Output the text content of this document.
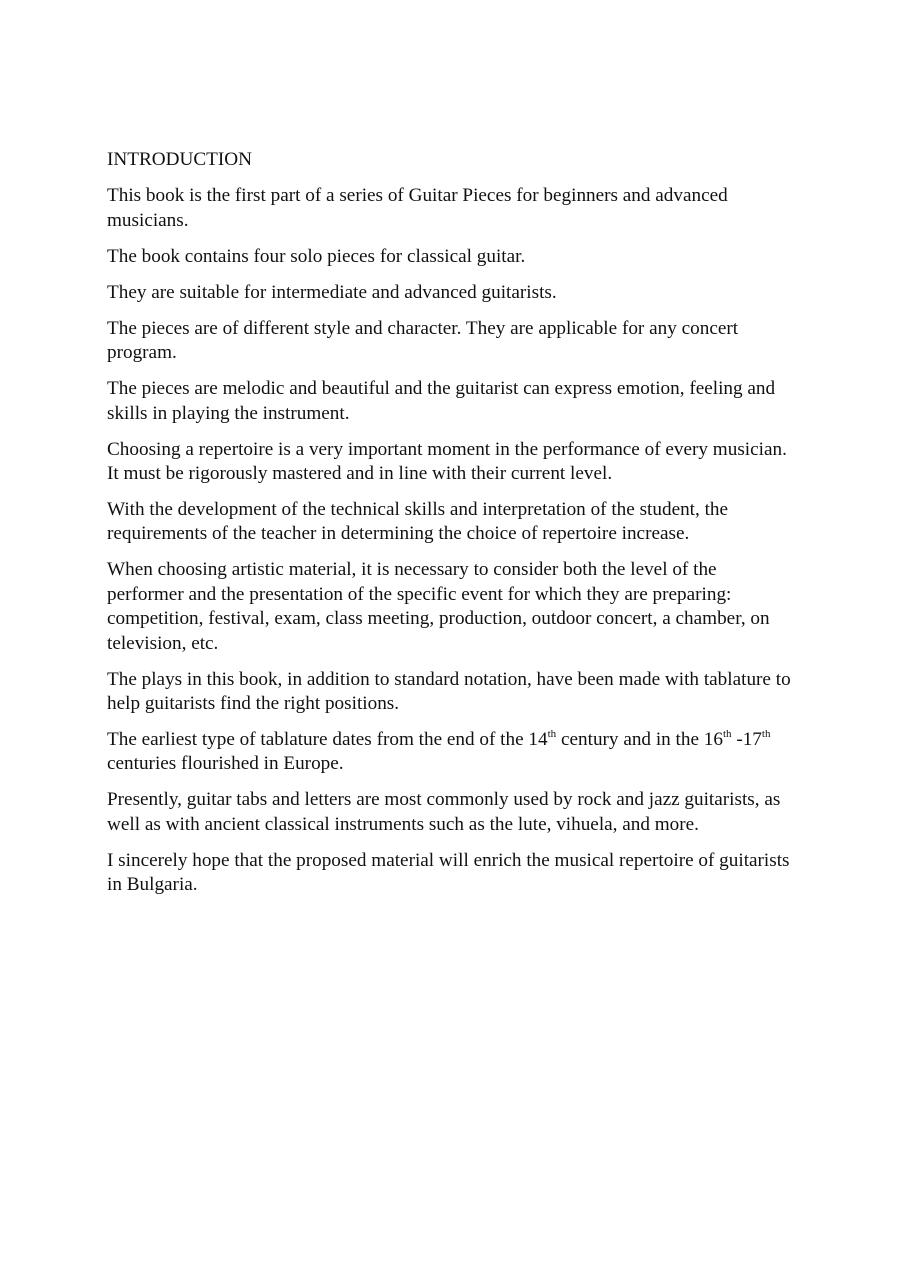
INTRODUCTION

This book is the first part of a series of Guitar Pieces for beginners and advanced musicians.

The book contains four solo pieces for classical guitar.

They are suitable for intermediate and advanced guitarists.

The pieces are of different style and character. They are applicable for any concert program.

The pieces are melodic and beautiful and the guitarist can express emotion, feeling and skills in playing the instrument.

Choosing a repertoire is a very important moment in the performance of every musician. It must be rigorously mastered and in line with their current level.

With the development of the technical skills and interpretation of the student, the requirements of the teacher in determining the choice of repertoire increase.

When choosing artistic material, it is necessary to consider both the level of the performer and the presentation of the specific event for which they are preparing: competition, festival, exam, class meeting, production, outdoor concert, a chamber, on television, etc.

The plays in this book, in addition to standard notation, have been made with tablature to help guitarists find the right positions.

The earliest type of tablature dates from the end of the 14th century and in the 16th -17th centuries flourished in Europe.

Presently, guitar tabs and letters are most commonly used by rock and jazz guitarists, as well as with ancient classical instruments such as the lute, vihuela, and more.

I sincerely hope that the proposed material will enrich the musical repertoire of guitarists in Bulgaria.
